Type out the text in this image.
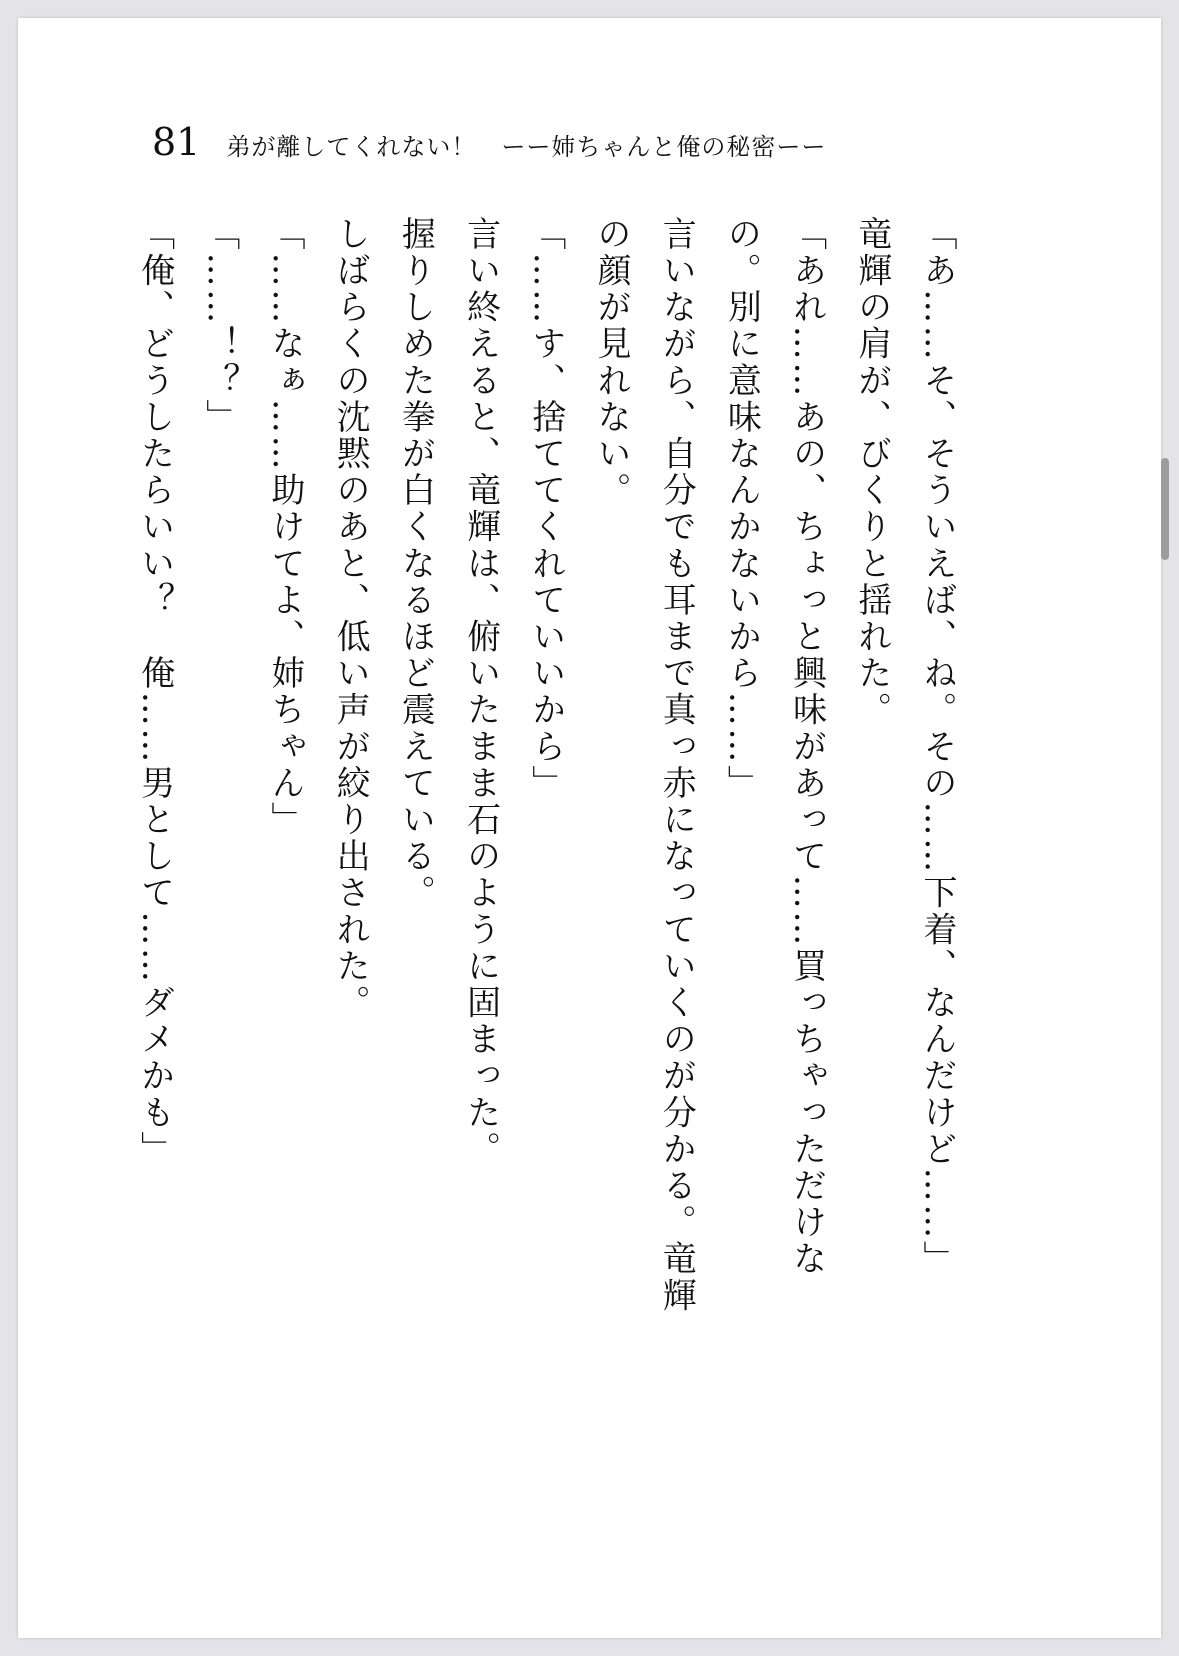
81 弟が離してくれない！　ーー姉ちゃんと俺の秘密ーー

「あ……そ、そういえば、ね。その……下着、なんだけど……」

竜輝の肩が、びくりと揺れた。

「あれ……あの、ちょっと興味があって……買っちゃっただけなの。別に意味なんかないから……」

言いながら、自分でも耳まで真っ赤になっていくのが分かる。竜輝の顔が見れない。

「……す、捨ててくれていいから」

言い終えると、竜輝は、俯いたまま石のように固まった。

握りしめた拳が白くなるほど震えている。

しばらくの沈黙のあと、低い声が絞り出された。

「……なぁ……助けてよ、姉ちゃん」

「……！？」

「俺、どうしたらいい？　俺……男として……ダメかも」
